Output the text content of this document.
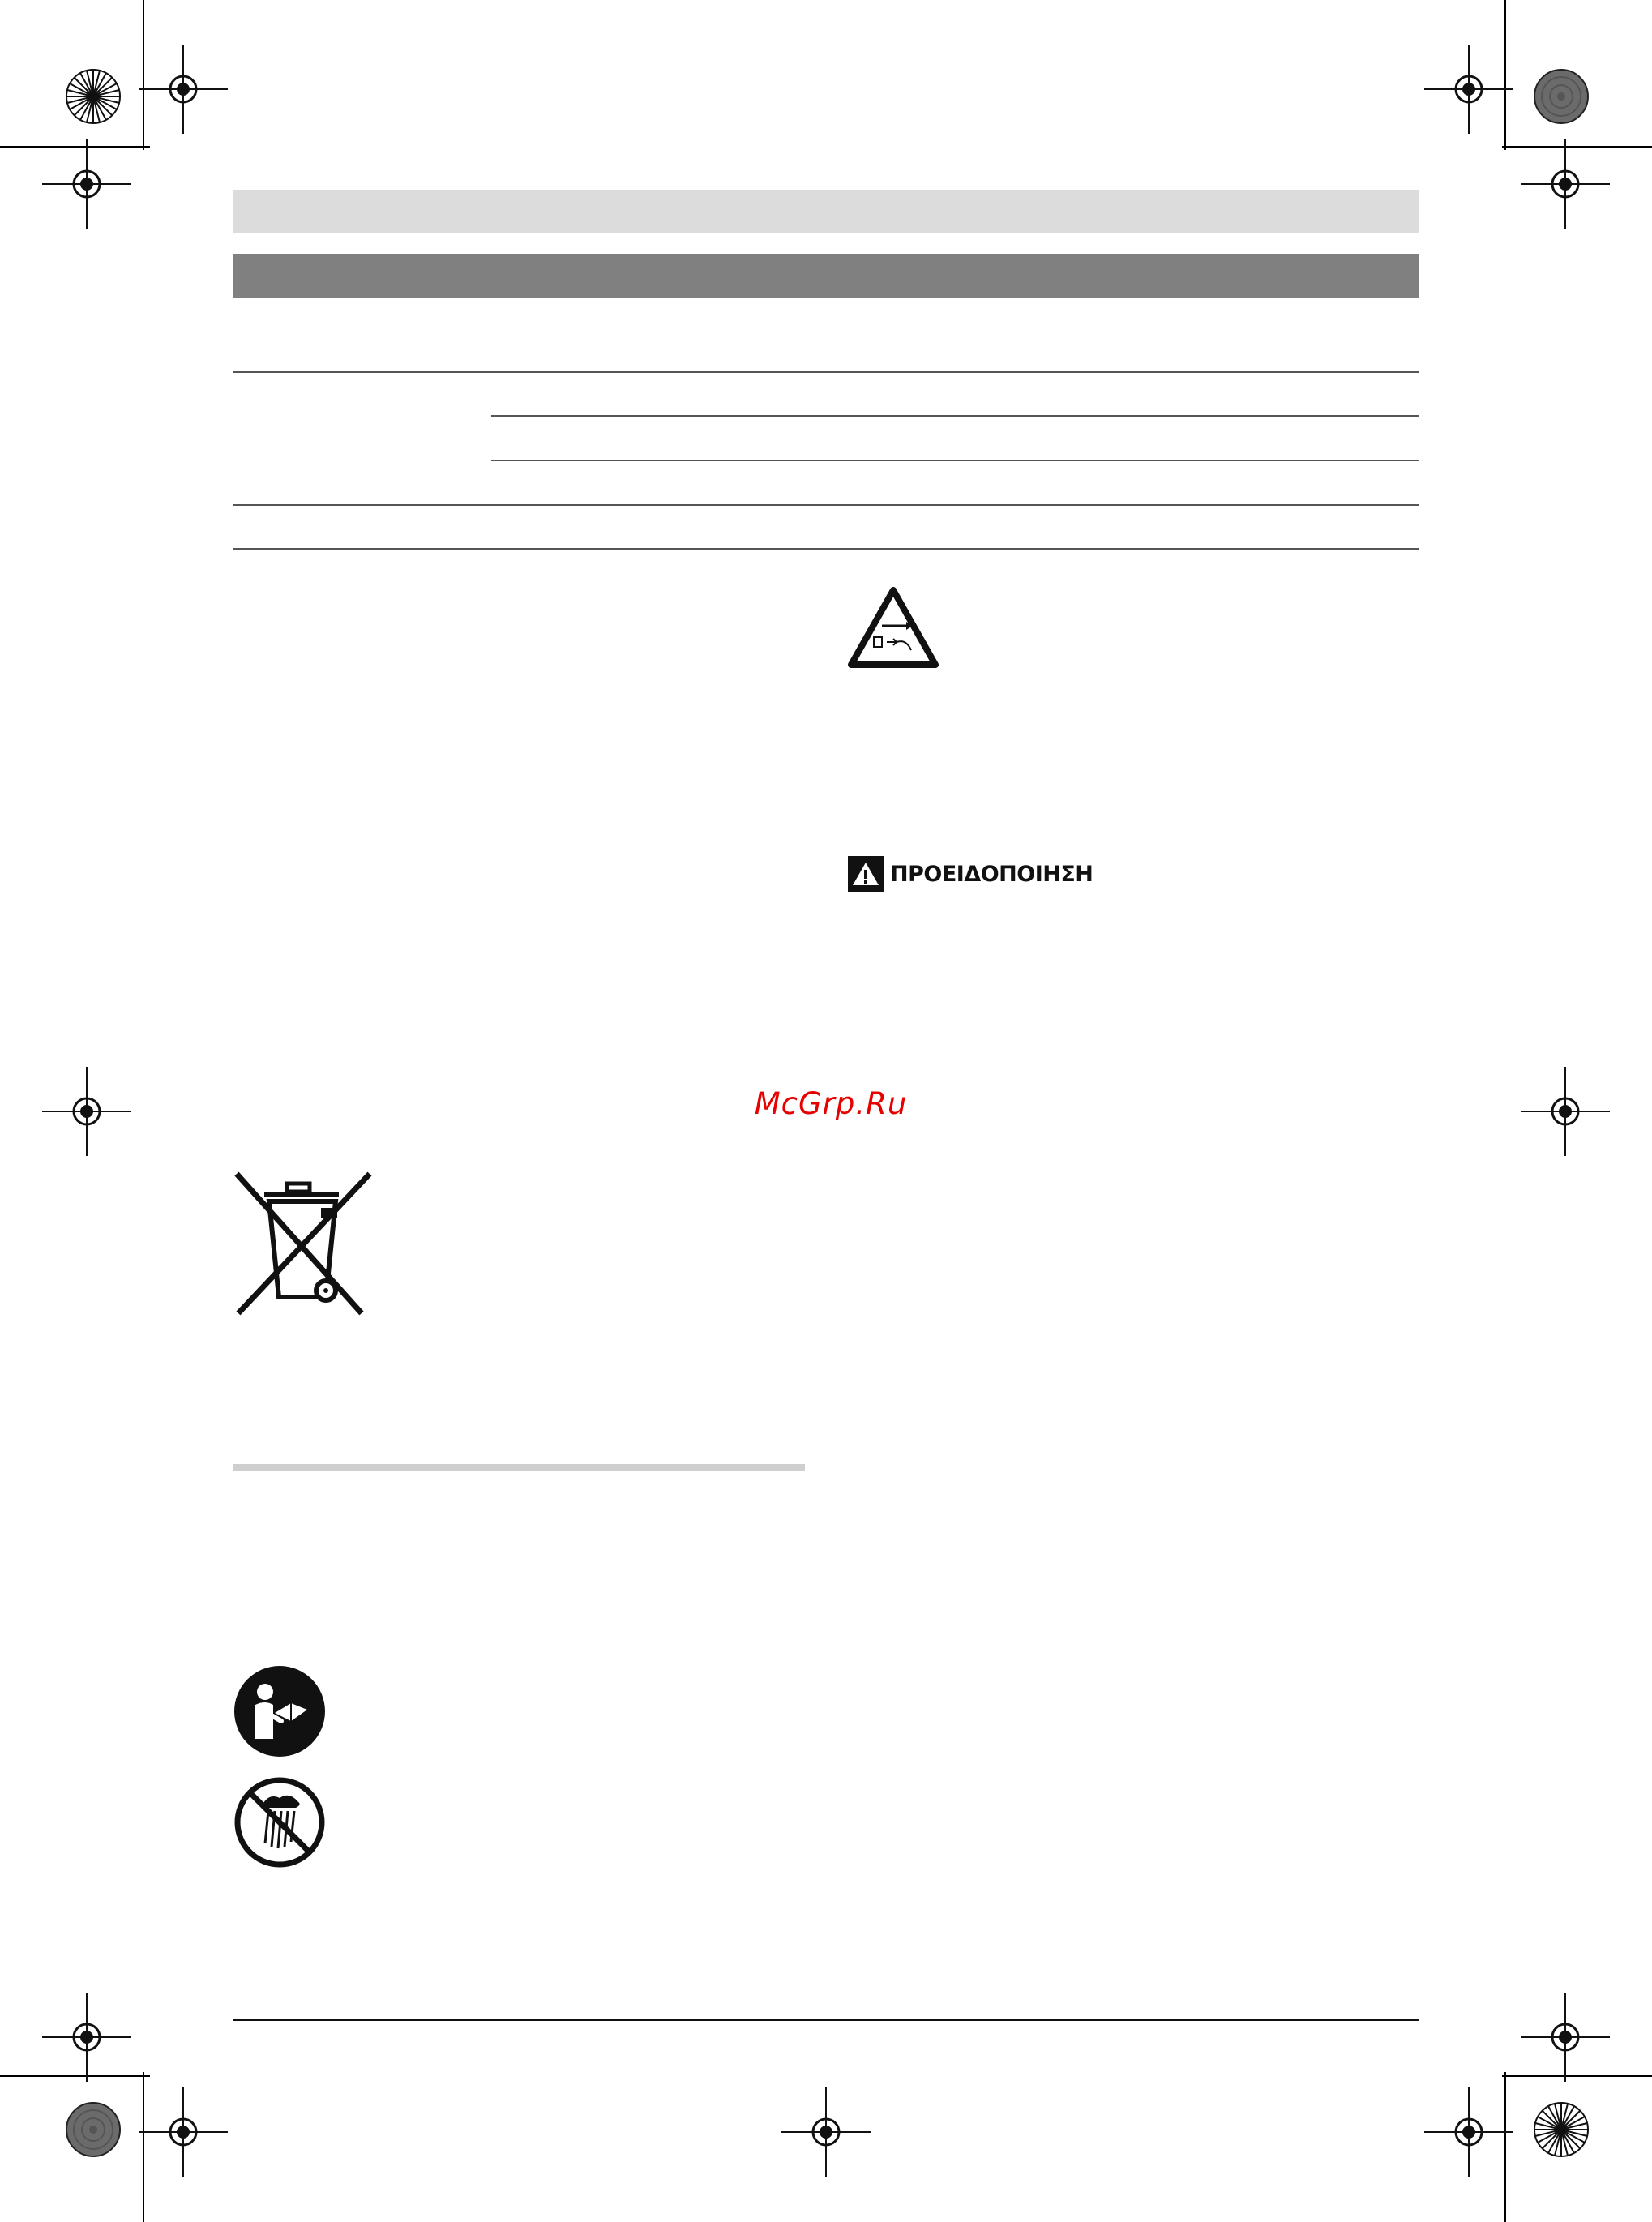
ΠΡΟΕΙΔΟΠΟΙΗΣΗ
McGrp.Ru
